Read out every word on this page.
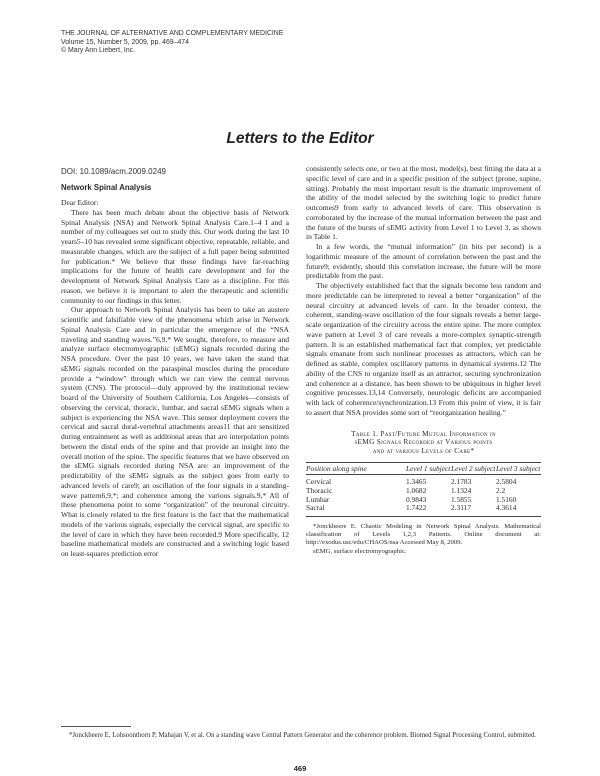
THE JOURNAL OF ALTERNATIVE AND COMPLEMENTARY MEDICINE
Volume 15, Number 5, 2009, pp. 469–474
© Mary Ann Liebert, Inc.
Letters to the Editor
DOI: 10.1089/acm.2009.0249
Network Spinal Analysis

Dear Editor:

There has been much debate about the objective basis of Network Spinal Analysis (NSA) and Network Spinal Analysis Care.1–4 I and a number of my colleagues set out to study this. Our work during the last 10 years5–10 has revealed some significant objective, repeatable, reliable, and measurable changes, which are the subject of a full paper being submitted for publication.* We believe that these findings have far-reaching implications for the future of health care development and for the development of Network Spinal Analysis Care as a discipline. For this reason, we believe it is important to alert the therapeutic and scientific community to our findings in this letter.

Our approach to Network Spinal Analysis has been to take an austere scientific and falsifiable view of the phenomena which arise in Network Spinal Analysis Care and in particular the emergence of the “NSA traveling and standing waves.”6,9,* We sought, therefore, to measure and analyze surface electromyographic (sEMG) signals recorded during the NSA procedure. Over the past 10 years, we have taken the stand that sEMG signals recorded on the paraspinal muscles during the procedure provide a “window” through which we can view the central nervous system (CNS). The protocol—duly approved by the institutional review board of the University of Southern California, Los Angeles—consists of observing the cervical, thoracic, lumbar, and sacral sEMG signals when a subject is experiencing the NSA wave. This sensor deployment covers the cervical and sacral dural-vertebral attachments areas11 that are sensitized during entrainment as well as additional areas that are interpolation points between the distal ends of the spine and that provide an insight into the overall motion of the spine. The specific features that we have observed on the sEMG signals recorded during NSA are: an improvement of the predictability of the sEMG signals as the subject goes from early to advanced levels of care9; an oscillation of the four signals in a standing-wave pattern6,9,*; and coherence among the various signals.9,* All of these phenomena point to some “organization” of the neuronal circuitry. What is closely related to the first feature is the fact that the mathematical models of the various signals, especially the cervical signal, are specific to the level of care in which they have been recorded.9 More specifically, 12 baseline mathematical models are constructed and a switching logic based on least-squares prediction error

consistently selects one, or two at the most, model(s), best fitting the data at a specific level of care and in a specific position of the subject (prone, supine, sitting). Probably the most important result is the dramatic improvement of the ability of the model selected by the switching logic to predict future outcomes9 from early to advanced levels of care. This observation is corroborated by the increase of the mutual information between the past and the future of the bursts of sEMG activity from Level 1 to Level 3, as shown in Table 1.

In a few words, the “mutual information” (in bits per second) is a logarithmic measure of the amount of correlation between the past and the future9; evidently, should this correlation increase, the future will be more predictable from the past.

The objectively established fact that the signals become less random and more predictable can be interpreted to reveal a better “organization” of the neural circuitry at advanced levels of care. In the broader context, the coherent, standing-wave oscillation of the four signals reveals a better large-scale organization of the circuitry across the entire spine. The more complex wave pattern at Level 3 of care reveals a more-complex synaptic-strength pattern. It is an established mathematical fact that complex, yet predictable signals emanate from such nonlinear processes as attractors, which can be defined as stable, complex oscillatory patterns in dynamical systems.12 The ability of the CNS to organize itself as an attractor, securing synchronization and coherence at a distance, has been shown to be ubiquitous in higher level cognitive processes.13,14 Conversely, neurologic deficits are accompanied with lack of coherence/synchronization.13 From this point of view, it is fair to assert that NSA provides some sort of “reorganization healing.”

Table 1. Past/Future Mutual Information in
sEMG Signals Recorded at Various points
and at various Levels of Care*
Position along spine	Level 1 subject	Level 2 subject	Level 3 subject
Cervical	1.3465	2.1783	2.5804
Thoracic	1.0682	1.1324	2.2
Lumbar	0.9843	1.5855	1.5160
Sacral	1.7422	2.3117	4.3614

*Jonckheere E. Chaotic Modeling in Network Spinal Analysis. Mathematical classification of Levels 1,2,3 Patients. Online document at: http://exodus.usc/edu/CHAOS/nsa Accessed May 8, 2009.

sEMG, surface electromyographic.

*Jonckheere E, Lohsoonthorn P, Mahajan V, et al. On a standing wave Central Pattern Generator and the coherence problem. Biomed Signal Processing Control, submitted.
469
